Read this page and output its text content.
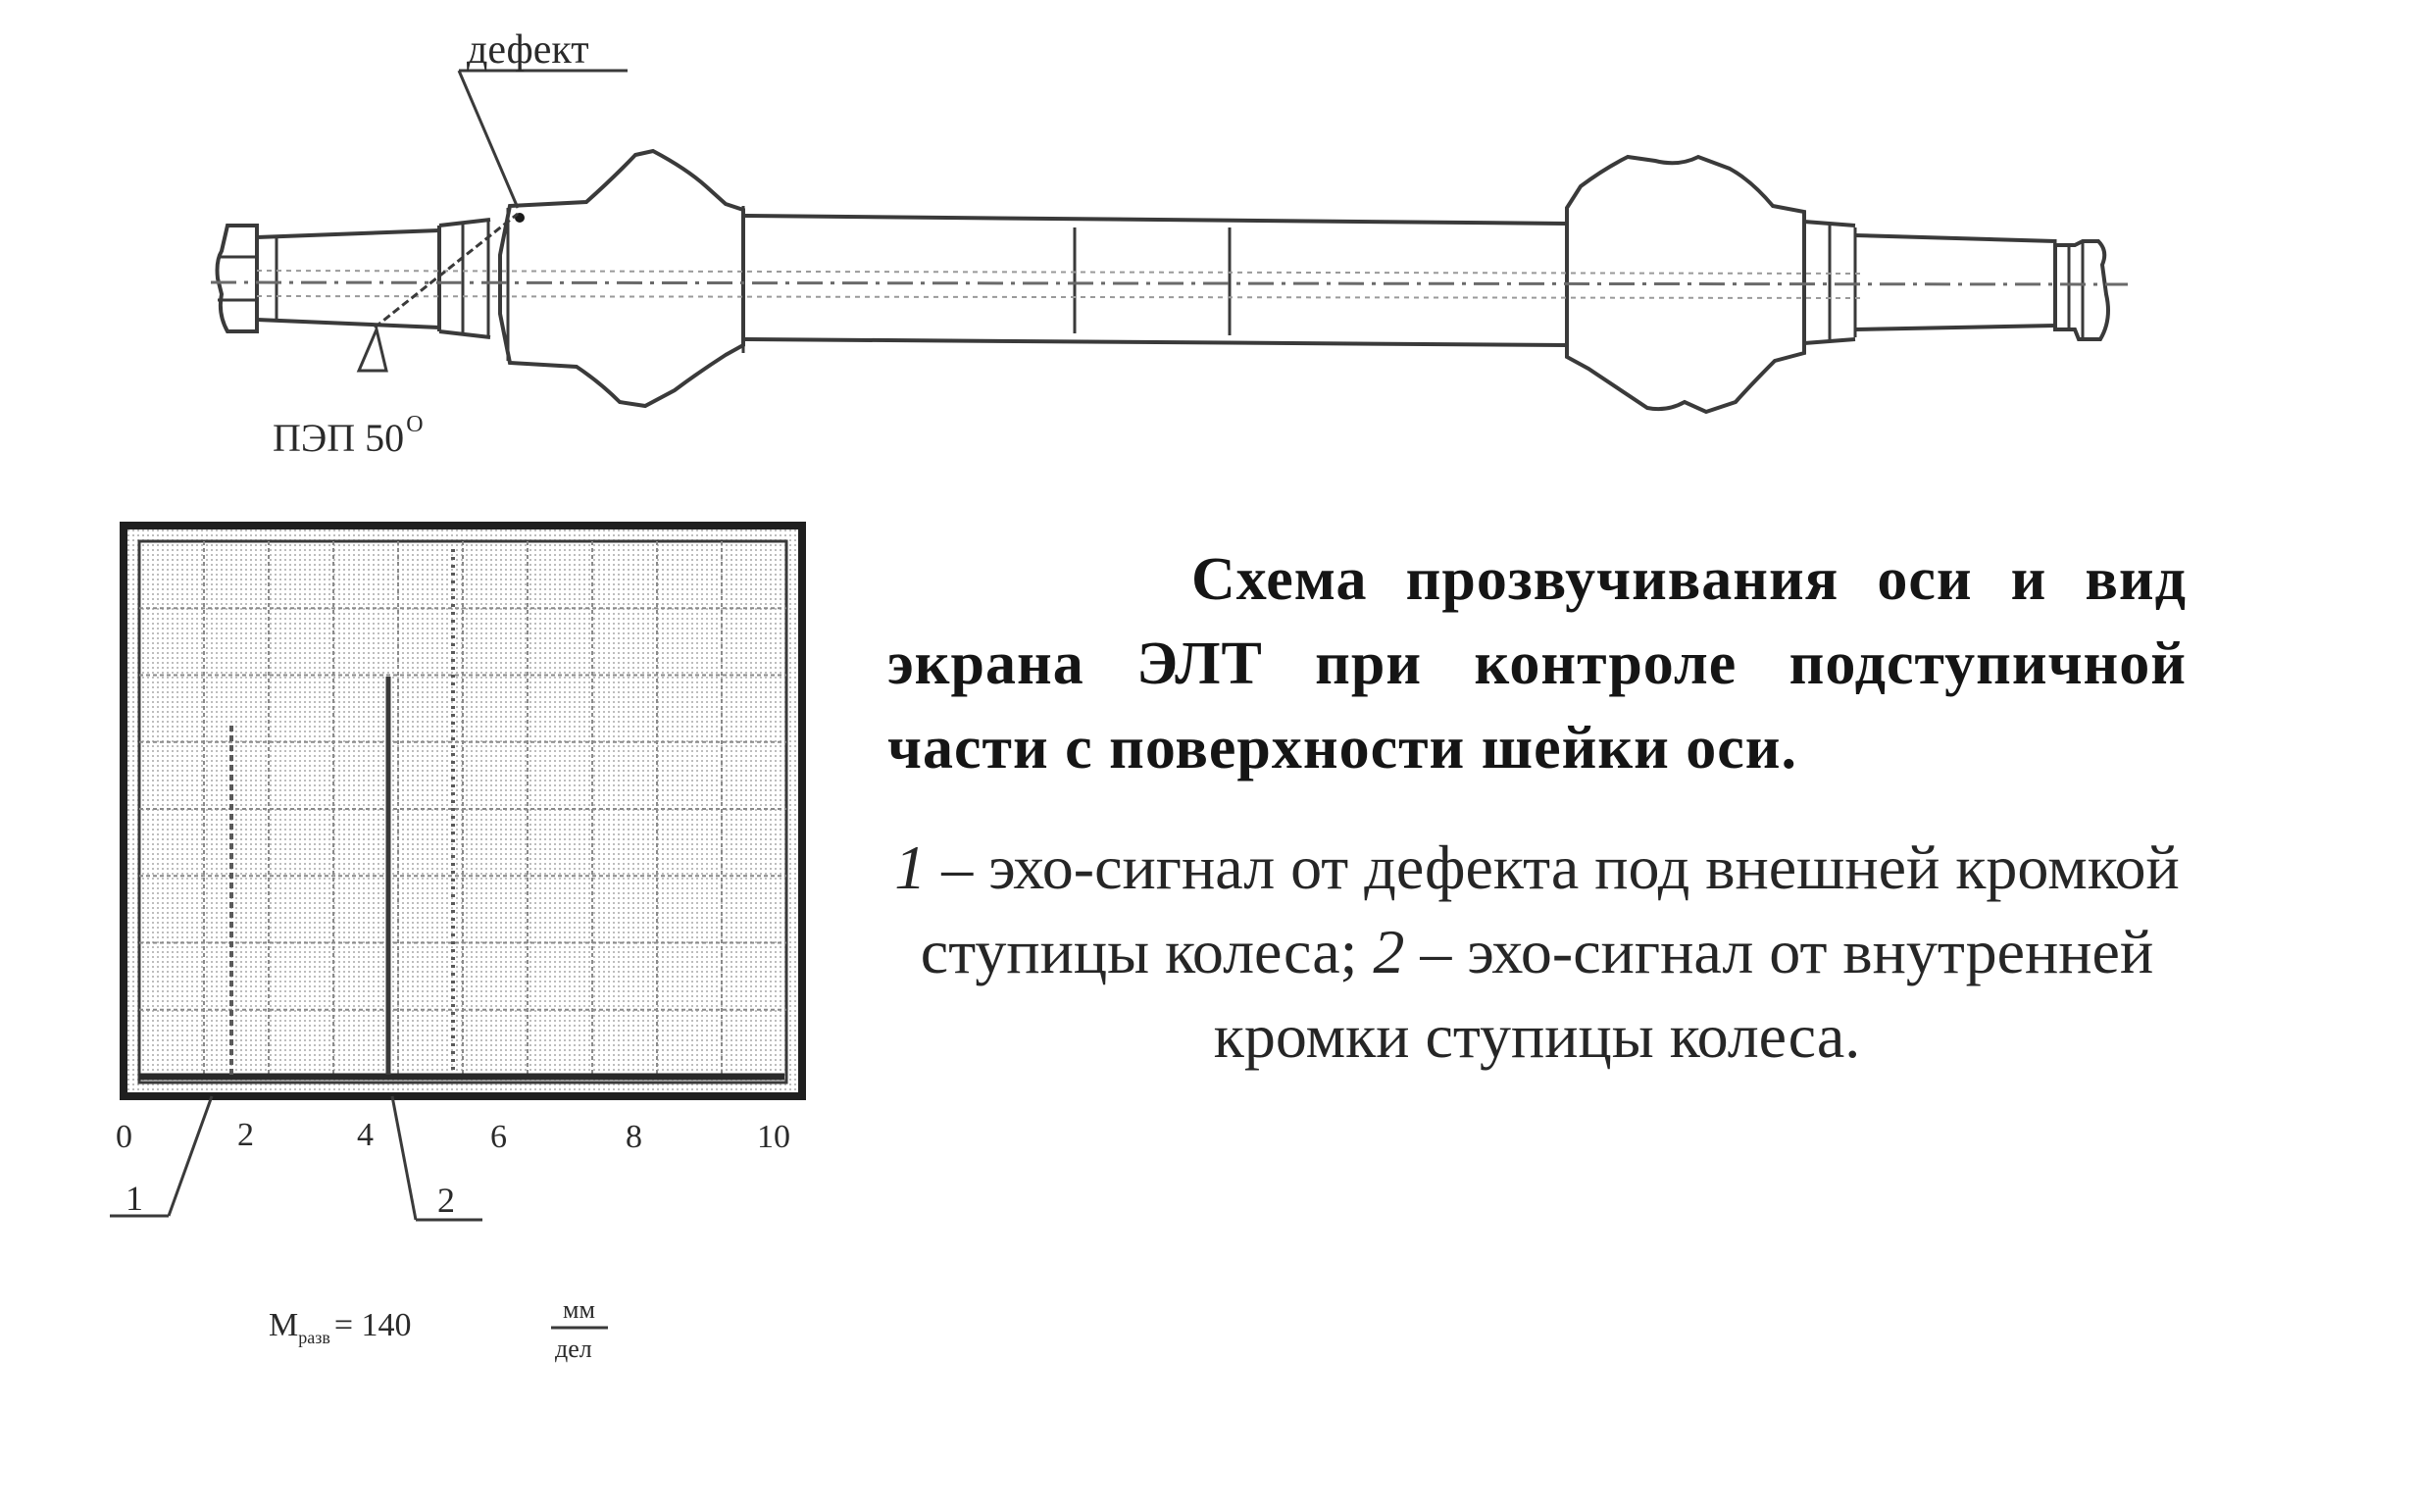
дефект
ПЭП $50^O$
0	2	4	6	8	10
1	2
$M_{разв} = 140$	мм
дел
Схема прозвучивания оси и вид экрана ЭЛТ при контроле подступичной части с поверхности шейки оси.
1 – эхо-сигнал от дефекта под внешней кромкой ступицы колеса; 2 – эхо-сигнал от внутренней кромки ступицы колеса.
